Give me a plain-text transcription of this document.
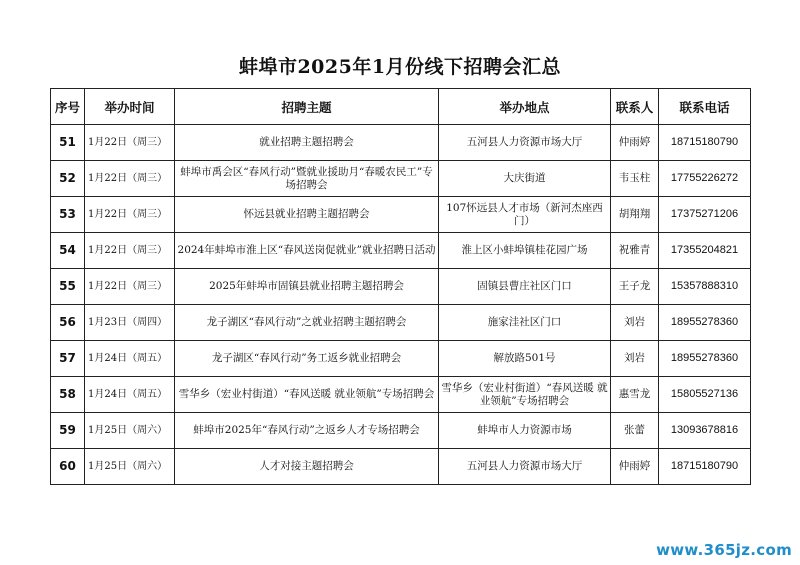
蚌埠市2025年1月份线下招聘会汇总
序号	举办时间	招聘主题	举办地点	联系人	联系电话
51	1月22日（周三）	就业招聘主题招聘会	五河县人力资源市场大厅	仲雨婷	18715180790
52	1月22日（周三）	蚌埠市禹会区“春风行动”暨就业援助月“春暖农民工”专场招聘会	大庆街道	韦玉柱	17755226272
53	1月22日（周三）	怀远县就业招聘主题招聘会	107怀远县人才市场（新河杰座西门）	胡翔翔	17375271206
54	1月22日（周三）	2024年蚌埠市淮上区“春风送岗促就业”就业招聘日活动	淮上区小蚌埠镇桂花园广场	祝雅青	17355204821
55	1月22日（周三）	2025年蚌埠市固镇县就业招聘主题招聘会	固镇县曹庄社区门口	王子龙	15357888310
56	1月23日（周四）	龙子湖区“春风行动”之就业招聘主题招聘会	施家洼社区门口	刘岩	18955278360
57	1月24日（周五）	龙子湖区“春风行动”务工返乡就业招聘会	解放路501号	刘岩	18955278360
58	1月24日（周五）	雪华乡（宏业村街道）“春风送暖 就业领航”专场招聘会	雪华乡（宏业村街道）“春风送暖 就业领航”专场招聘会	惠雪龙	15805527136
59	1月25日（周六）	蚌埠市2025年“春风行动”之返乡人才专场招聘会	蚌埠市人力资源市场	张蕾	13093678816
60	1月25日（周六）	人才对接主题招聘会	五河县人力资源市场大厅	仲雨婷	18715180790
www.365jz.com
